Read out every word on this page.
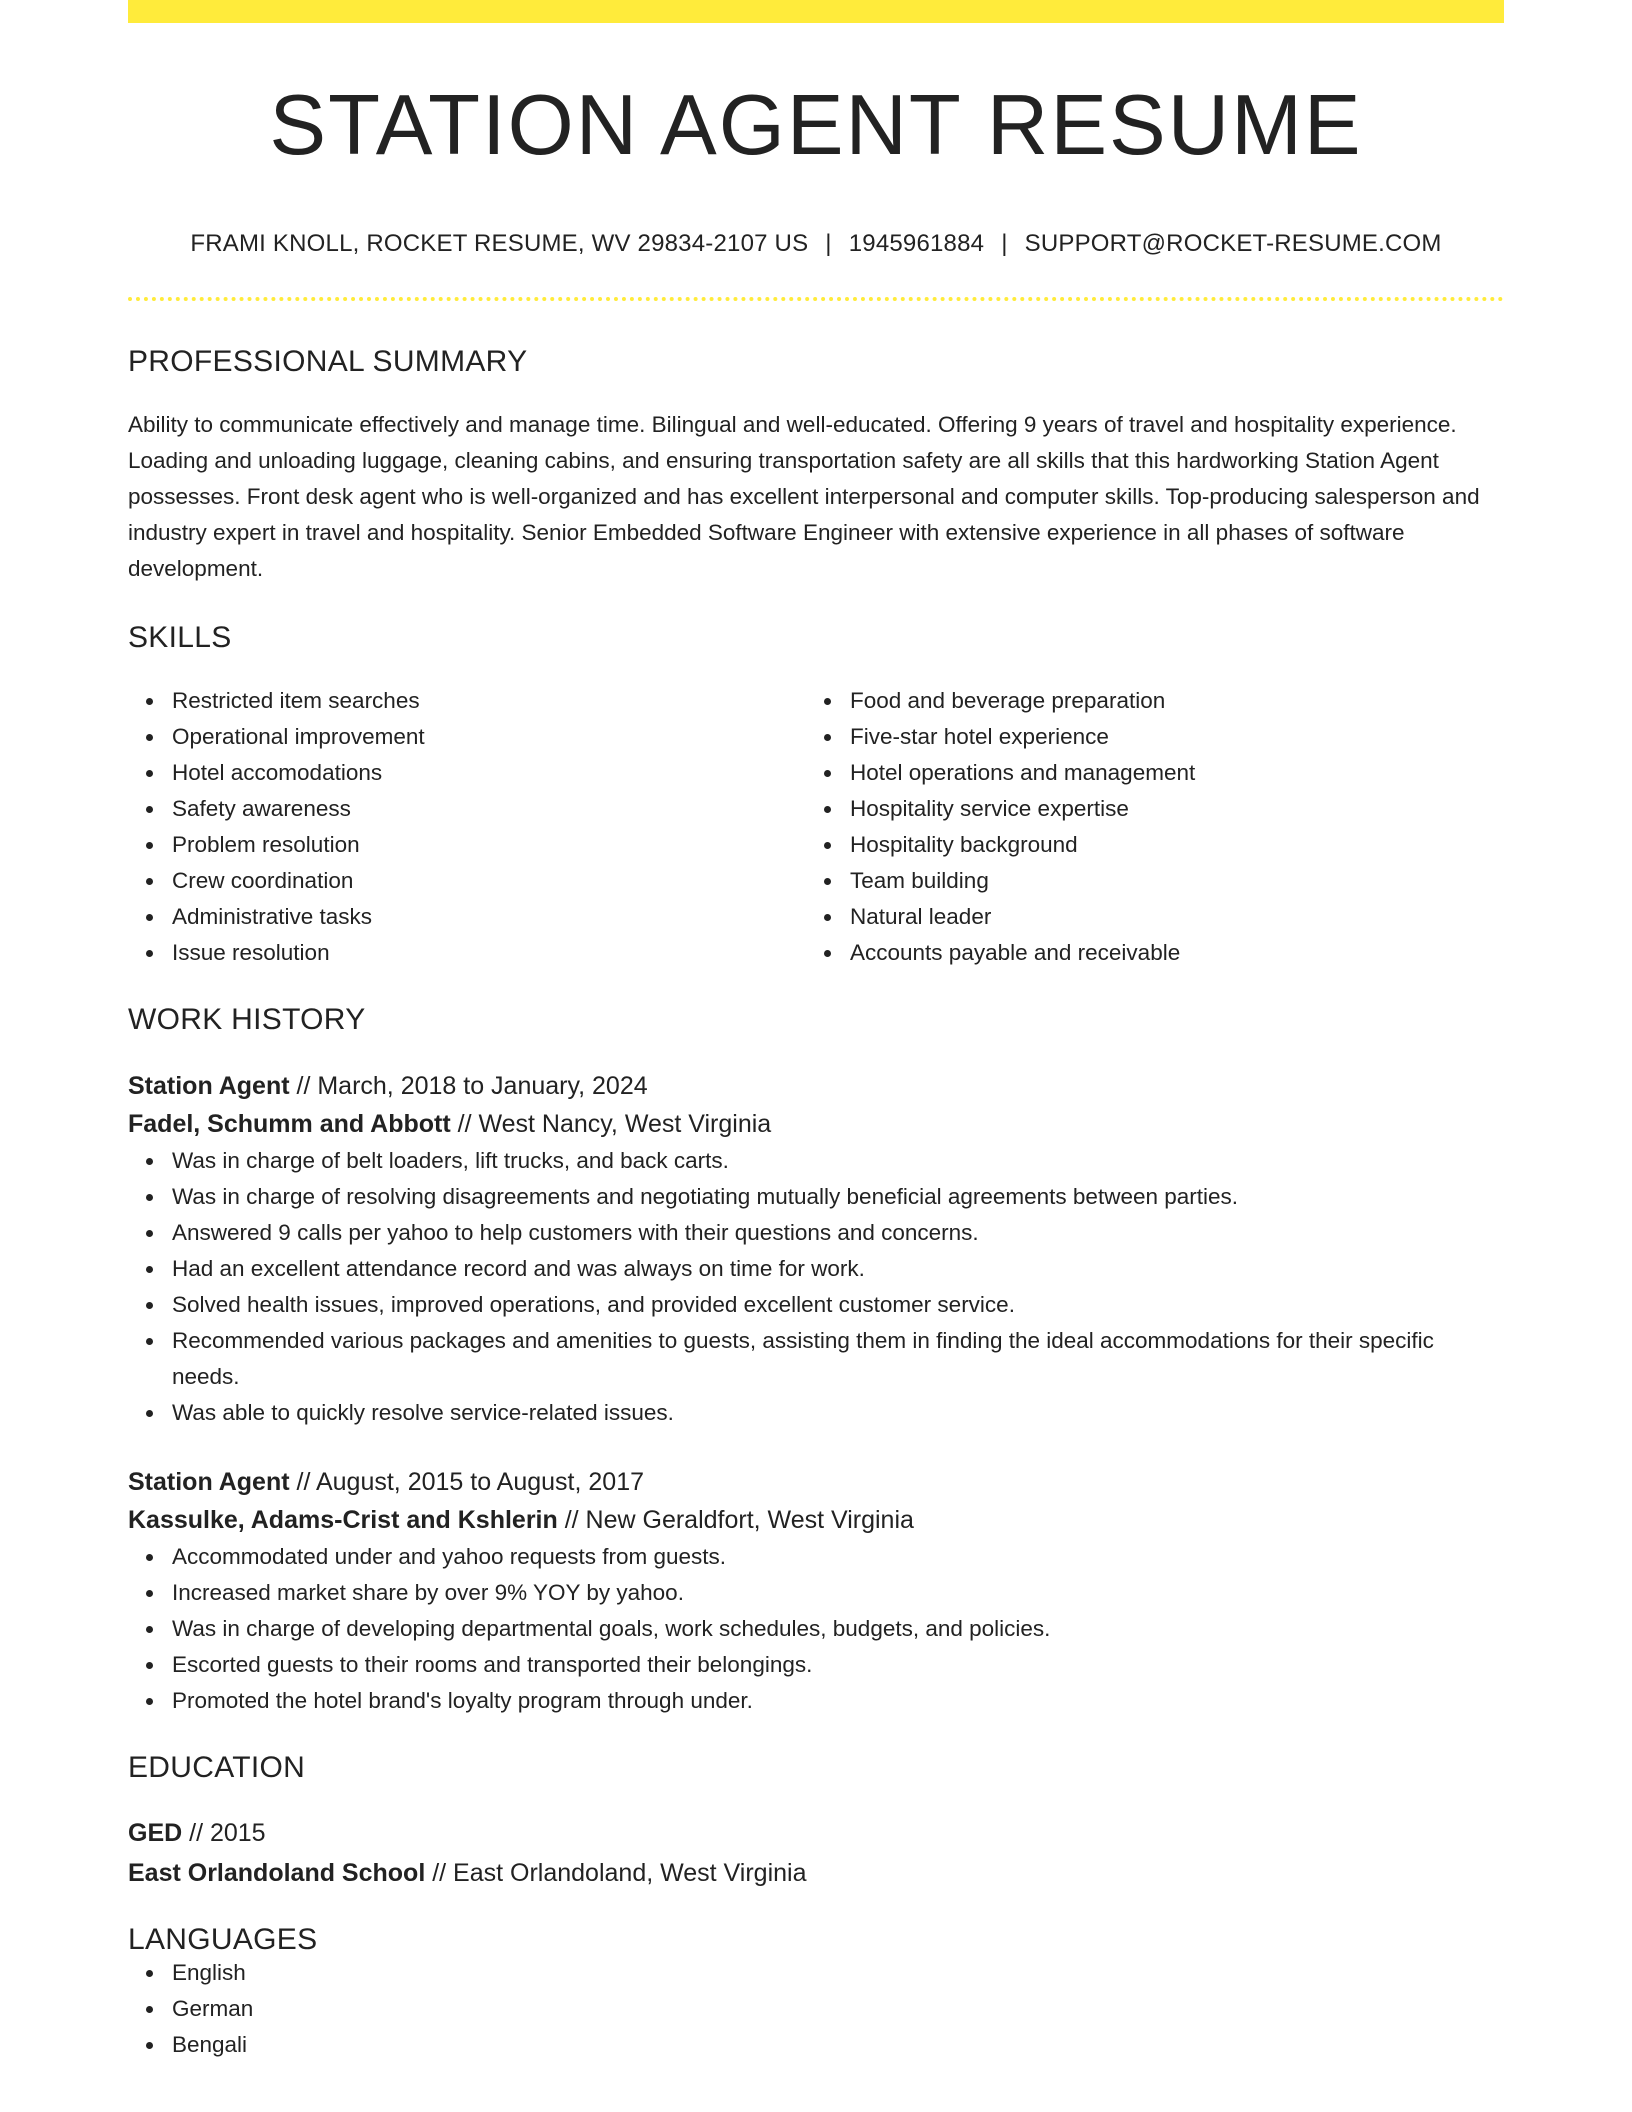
STATION AGENT RESUME
FRAMI KNOLL, ROCKET RESUME, WV 29834-2107 US | 1945961884 | SUPPORT@ROCKET-RESUME.COM
PROFESSIONAL SUMMARY

Ability to communicate effectively and manage time. Bilingual and well-educated. Offering 9 years of travel and hospitality experience. Loading and unloading luggage, cleaning cabins, and ensuring transportation safety are all skills that this hardworking Station Agent possesses. Front desk agent who is well-organized and has excellent interpersonal and computer skills. Top-producing salesperson and industry expert in travel and hospitality. Senior Embedded Software Engineer with extensive experience in all phases of software development.

SKILLS
Restricted item searches
Operational improvement
Hotel accomodations
Safety awareness
Problem resolution
Crew coordination
Administrative tasks
Issue resolution
Food and beverage preparation
Five-star hotel experience
Hotel operations and management
Hospitality service expertise
Hospitality background
Team building
Natural leader
Accounts payable and receivable
WORK HISTORY
Station Agent // March, 2018 to January, 2024
Fadel, Schumm and Abbott // West Nancy, West Virginia
Was in charge of belt loaders, lift trucks, and back carts.
Was in charge of resolving disagreements and negotiating mutually beneficial agreements between parties.
Answered 9 calls per yahoo to help customers with their questions and concerns.
Had an excellent attendance record and was always on time for work.
Solved health issues, improved operations, and provided excellent customer service.
Recommended various packages and amenities to guests, assisting them in finding the ideal accommodations for their specific needs.
Was able to quickly resolve service-related issues.
Station Agent // August, 2015 to August, 2017
Kassulke, Adams-Crist and Kshlerin // New Geraldfort, West Virginia
Accommodated under and yahoo requests from guests.
Increased market share by over 9% YOY by yahoo.
Was in charge of developing departmental goals, work schedules, budgets, and policies.
Escorted guests to their rooms and transported their belongings.
Promoted the hotel brand's loyalty program through under.
EDUCATION
GED // 2015
East Orlandoland School // East Orlandoland, West Virginia
LANGUAGES
English
German
Bengali
